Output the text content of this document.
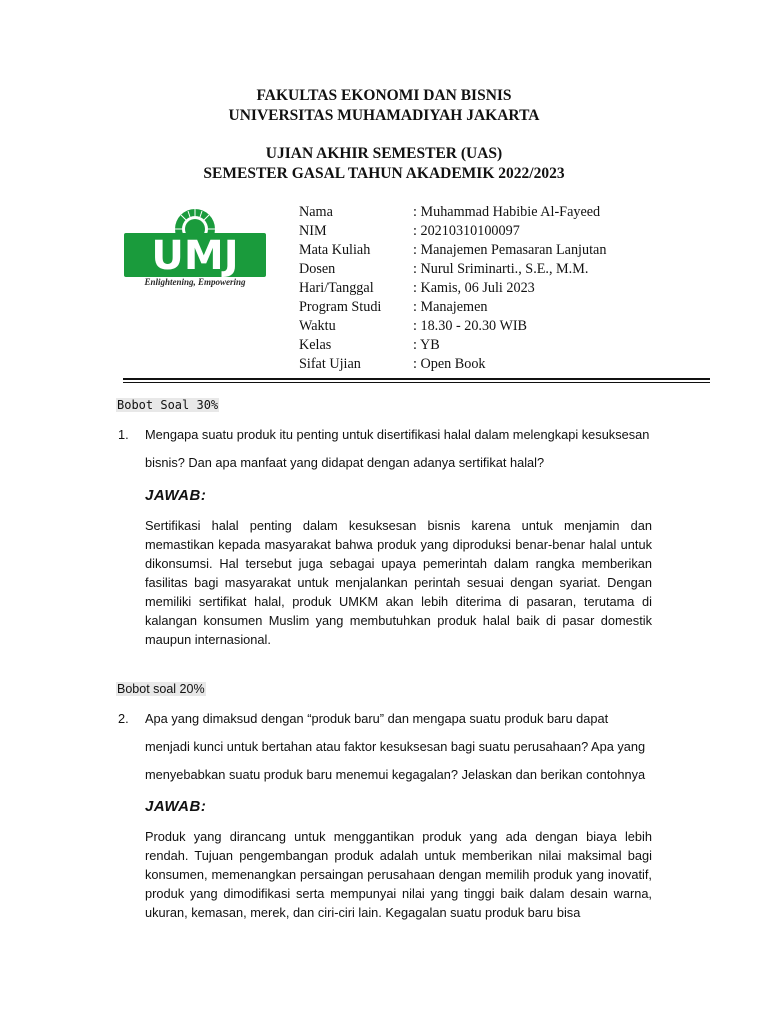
FAKULTAS EKONOMI DAN BISNIS
UNIVERSITAS MUHAMADIYAH JAKARTA
UJIAN AKHIR SEMESTER (UAS)
SEMESTER GASAL TAHUN AKADEMIK 2022/2023
UMJ
Enlightening, Empowering
Nama	: Muhammad Habibie Al-Fayeed
NIM	: 20210310100097
Mata Kuliah	: Manajemen Pemasaran Lanjutan
Dosen	: Nurul Sriminarti., S.E., M.M.
Hari/Tanggal	: Kamis, 06 Juli 2023
Program Studi	: Manajemen
Waktu	: 18.30 - 20.30 WIB
Kelas	: YB
Sifat Ujian	: Open Book
Bobot Soal 30%
1. Mengapa suatu produk itu penting untuk disertifikasi halal dalam melengkapi kesuksesan
bisnis? Dan apa manfaat yang didapat dengan adanya sertifikat halal?
JAWAB:
Sertifikasi halal penting dalam kesuksesan bisnis karena untuk menjamin dan memastikan kepada masyarakat bahwa produk yang diproduksi benar-benar halal untuk dikonsumsi. Hal tersebut juga sebagai upaya pemerintah dalam rangka memberikan fasilitas bagi masyarakat untuk menjalankan perintah sesuai dengan syariat. Dengan memiliki sertifikat halal, produk UMKM akan lebih diterima di pasaran, terutama di kalangan konsumen Muslim yang membutuhkan produk halal baik di pasar domestik maupun internasional.
Bobot soal 20%
2. Apa yang dimaksud dengan “produk baru” dan mengapa suatu produk baru dapat
menjadi kunci untuk bertahan atau faktor kesuksesan bagi suatu perusahaan? Apa yang
menyebabkan suatu produk baru menemui kegagalan? Jelaskan dan berikan contohnya
JAWAB:
Produk yang dirancang untuk menggantikan produk yang ada dengan biaya lebih rendah. Tujuan pengembangan produk adalah untuk memberikan nilai maksimal bagi konsumen, memenangkan persaingan perusahaan dengan memilih produk yang inovatif, produk yang dimodifikasi serta mempunyai nilai yang tinggi baik dalam desain warna, ukuran, kemasan, merek, dan ciri-ciri lain. Kegagalan suatu produk baru bisa
